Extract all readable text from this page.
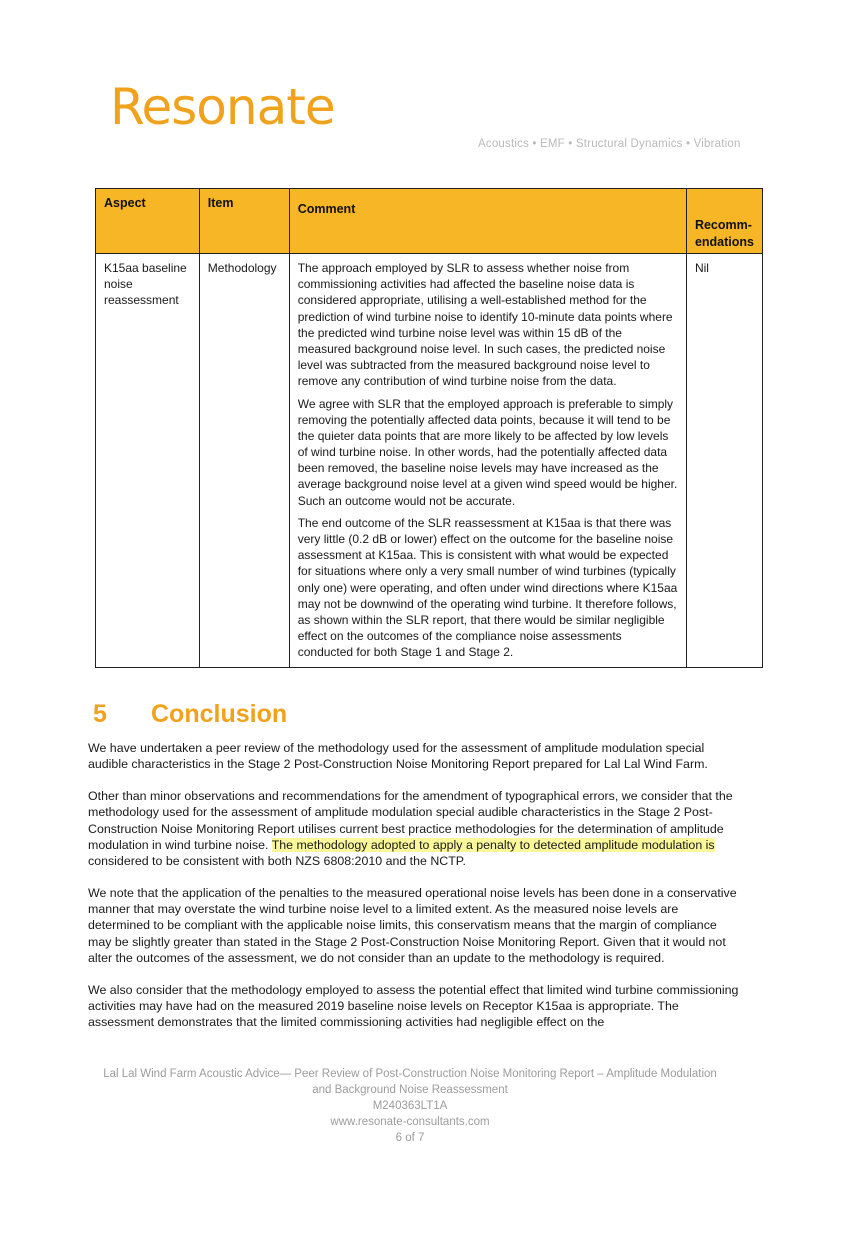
Resonate
Acoustics • EMF • Structural Dynamics • Vibration
Aspect	Item	Comment	Recomm-endations
K15aa baseline noise reassessment	Methodology	The approach employed by SLR to assess whether noise from commissioning activities had affected the baseline noise data is considered appropriate, utilising a well-established method for the prediction of wind turbine noise to identify 10-minute data points where the predicted wind turbine noise level was within 15 dB of the measured background noise level. In such cases, the predicted noise level was subtracted from the measured background noise level to remove any contribution of wind turbine noise from the data.

We agree with SLR that the employed approach is preferable to simply removing the potentially affected data points, because it will tend to be the quieter data points that are more likely to be affected by low levels of wind turbine noise. In other words, had the potentially affected data been removed, the baseline noise levels may have increased as the average background noise level at a given wind speed would be higher. Such an outcome would not be accurate.

The end outcome of the SLR reassessment at K15aa is that there was very little (0.2 dB or lower) effect on the outcome for the baseline noise assessment at K15aa. This is consistent with what would be expected for situations where only a very small number of wind turbines (typically only one) were operating, and often under wind directions where K15aa may not be downwind of the operating wind turbine. It therefore follows, as shown within the SLR report, that there would be similar negligible effect on the outcomes of the compliance noise assessments conducted for both Stage 1 and Stage 2.	Nil
5 Conclusion

We have undertaken a peer review of the methodology used for the assessment of amplitude modulation special audible characteristics in the Stage 2 Post-Construction Noise Monitoring Report prepared for Lal Lal Wind Farm.

Other than minor observations and recommendations for the amendment of typographical errors, we consider that the methodology used for the assessment of amplitude modulation special audible characteristics in the Stage 2 Post-Construction Noise Monitoring Report utilises current best practice methodologies for the determination of amplitude modulation in wind turbine noise. The methodology adopted to apply a penalty to detected amplitude modulation is considered to be consistent with both NZS 6808:2010 and the NCTP.

We note that the application of the penalties to the measured operational noise levels has been done in a conservative manner that may overstate the wind turbine noise level to a limited extent. As the measured noise levels are determined to be compliant with the applicable noise limits, this conservatism means that the margin of compliance may be slightly greater than stated in the Stage 2 Post-Construction Noise Monitoring Report. Given that it would not alter the outcomes of the assessment, we do not consider than an update to the methodology is required.

We also consider that the methodology employed to assess the potential effect that limited wind turbine commissioning activities may have had on the measured 2019 baseline noise levels on Receptor K15aa is appropriate. The assessment demonstrates that the limited commissioning activities had negligible effect on the

Lal Lal Wind Farm Acoustic Advice— Peer Review of Post-Construction Noise Monitoring Report – Amplitude Modulation and Background Noise Reassessment
M240363LT1A
www.resonate-consultants.com
6 of 7
